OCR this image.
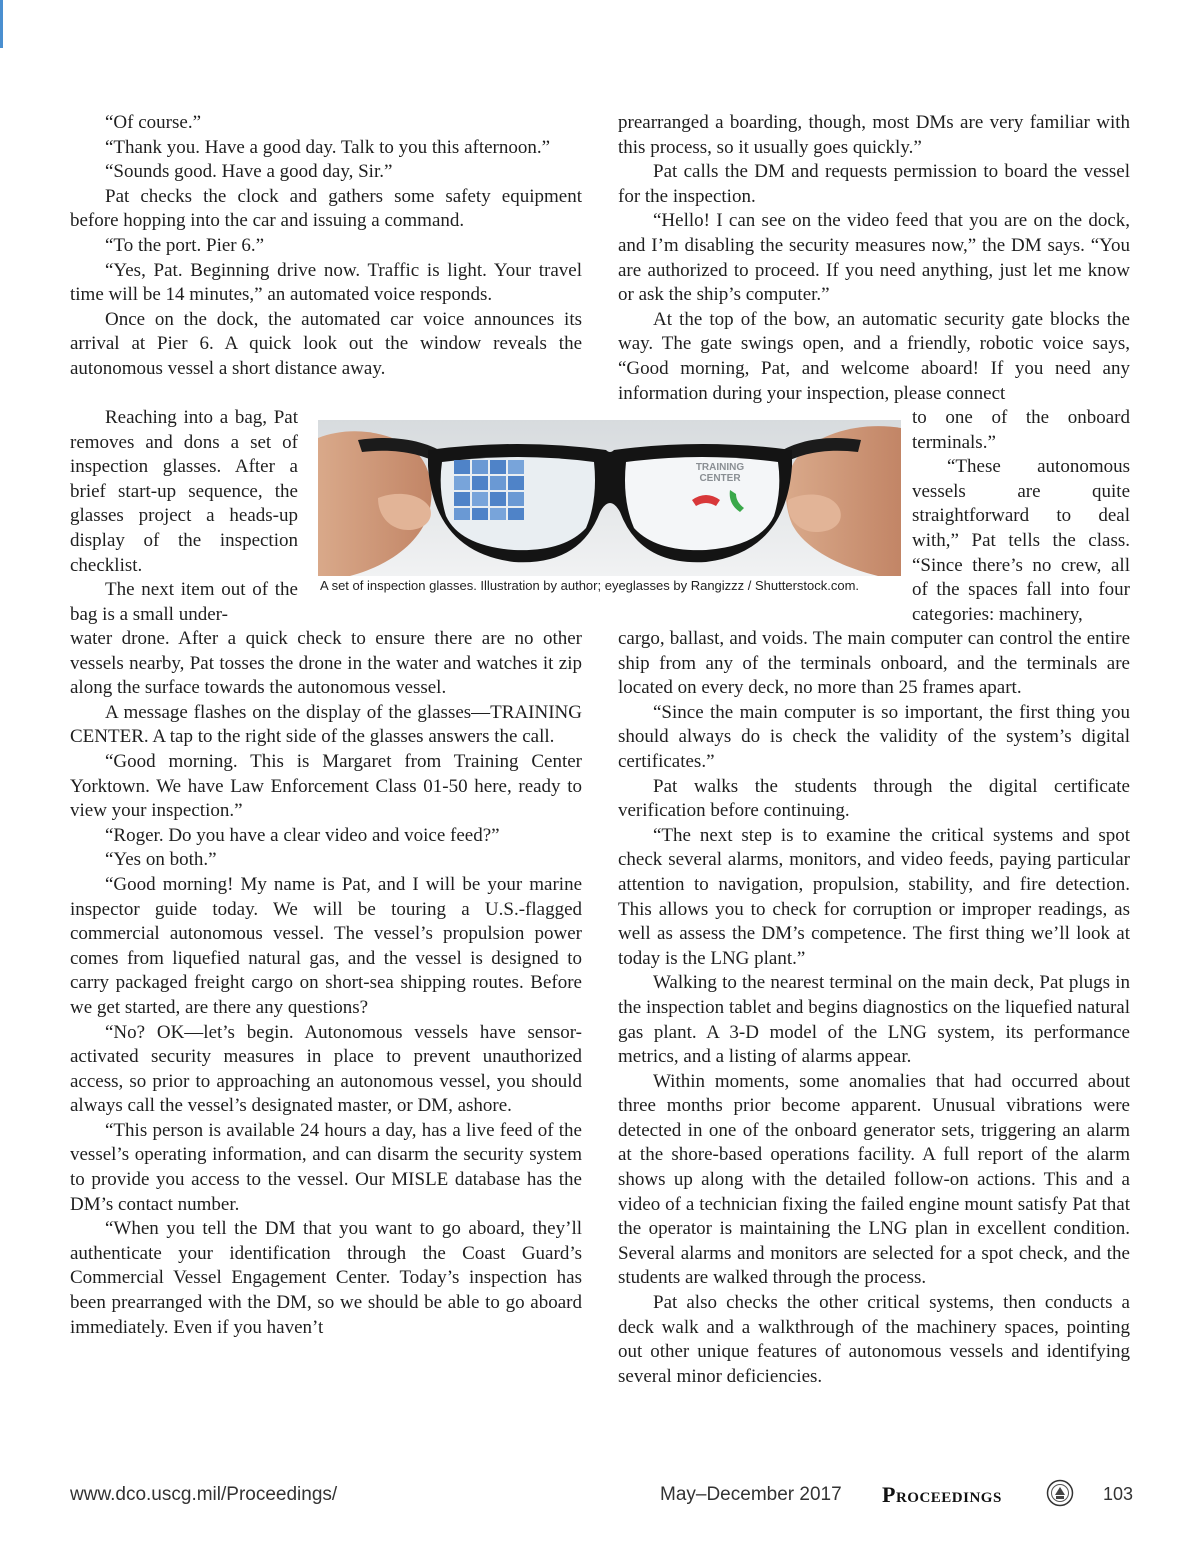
“Of course.”

“Thank you. Have a good day. Talk to you this afternoon.”

“Sounds good. Have a good day, Sir.”

Pat checks the clock and gathers some safety equipment before hopping into the car and issuing a command.

“To the port. Pier 6.”

“Yes, Pat. Beginning drive now. Traffic is light. Your travel time will be 14 minutes,” an automated voice responds.

Once on the dock, the automated car voice announces its arrival at Pier 6. A quick look out the window reveals the autonomous vessel a short distance away.

Reaching into a bag, Pat removes and dons a set of inspection glasses. After a brief start-up sequence, the glasses project a heads-up display of the inspection checklist.

The next item out of the bag is a small under-

water drone. After a quick check to ensure there are no other vessels nearby, Pat tosses the drone in the water and watches it zip along the surface towards the autonomous vessel.

A message flashes on the display of the glasses—TRAINING CENTER. A tap to the right side of the glasses answers the call.

“Good morning. This is Margaret from Training Center Yorktown. We have Law Enforcement Class 01-50 here, ready to view your inspection.”

“Roger. Do you have a clear video and voice feed?”

“Yes on both.”

“Good morning! My name is Pat, and I will be your marine inspector guide today. We will be touring a U.S.-flagged commercial autonomous vessel. The vessel’s propulsion power comes from liquefied natural gas, and the vessel is designed to carry packaged freight cargo on short-sea shipping routes. Before we get started, are there any questions?

“No? OK—let’s begin. Autonomous vessels have sensor-activated security measures in place to prevent unauthorized access, so prior to approaching an autonomous vessel, you should always call the vessel’s designated master, or DM, ashore.

“This person is available 24 hours a day, has a live feed of the vessel’s operating information, and can disarm the security system to provide you access to the vessel. Our MISLE database has the DM’s contact number.

“When you tell the DM that you want to go aboard, they’ll authenticate your identification through the Coast Guard’s Commercial Vessel Engagement Center. Today’s inspection has been prearranged with the DM, so we should be able to go aboard immediately. Even if you haven’t

prearranged a boarding, though, most DMs are very familiar with this process, so it usually goes quickly.”

Pat calls the DM and requests permission to board the vessel for the inspection.

“Hello! I can see on the video feed that you are on the dock, and I’m disabling the security measures now,” the DM says. “You are authorized to proceed. If you need anything, just let me know or ask the ship’s computer.”

At the top of the bow, an automatic security gate blocks the way. The gate swings open, and a friendly, robotic voice says, “Good morning, Pat, and welcome aboard! If you need any information during your inspection, please connect

to one of the onboard terminals.”

“These autonomous vessels are quite straightforward to deal with,” Pat tells the class. “Since there’s no crew, all of the spaces fall into four categories: machinery,

cargo, ballast, and voids. The main computer can control the entire ship from any of the terminals onboard, and the terminals are located on every deck, no more than 25 frames apart.

“Since the main computer is so important, the first thing you should always do is check the validity of the system’s digital certificates.”

Pat walks the students through the digital certificate verification before continuing.

“The next step is to examine the critical systems and spot check several alarms, monitors, and video feeds, paying particular attention to navigation, propulsion, stability, and fire detection. This allows you to check for corruption or improper readings, as well as assess the DM’s competence. The first thing we’ll look at today is the LNG plant.”

Walking to the nearest terminal on the main deck, Pat plugs in the inspection tablet and begins diagnostics on the liquefied natural gas plant. A 3-D model of the LNG system, its performance metrics, and a listing of alarms appear.

Within moments, some anomalies that had occurred about three months prior become apparent. Unusual vibrations were detected in one of the onboard generator sets, triggering an alarm at the shore-based operations facility. A full report of the alarm shows up along with the detailed follow-on actions. This and a video of a technician fixing the failed engine mount satisfy Pat that the operator is maintaining the LNG plan in excellent condition. Several alarms and monitors are selected for a spot check, and the students are walked through the process.

Pat also checks the other critical systems, then conducts a deck walk and a walkthrough of the machinery spaces, pointing out other unique features of autonomous vessels and identifying several minor deficiencies.

TRAINING
CENTER
A set of inspection glasses. Illustration by author; eyeglasses by Rangizzz / Shutterstock.com.
www.dco.uscg.mil/Proceedings/	May–December 2017 Proceedings	103
